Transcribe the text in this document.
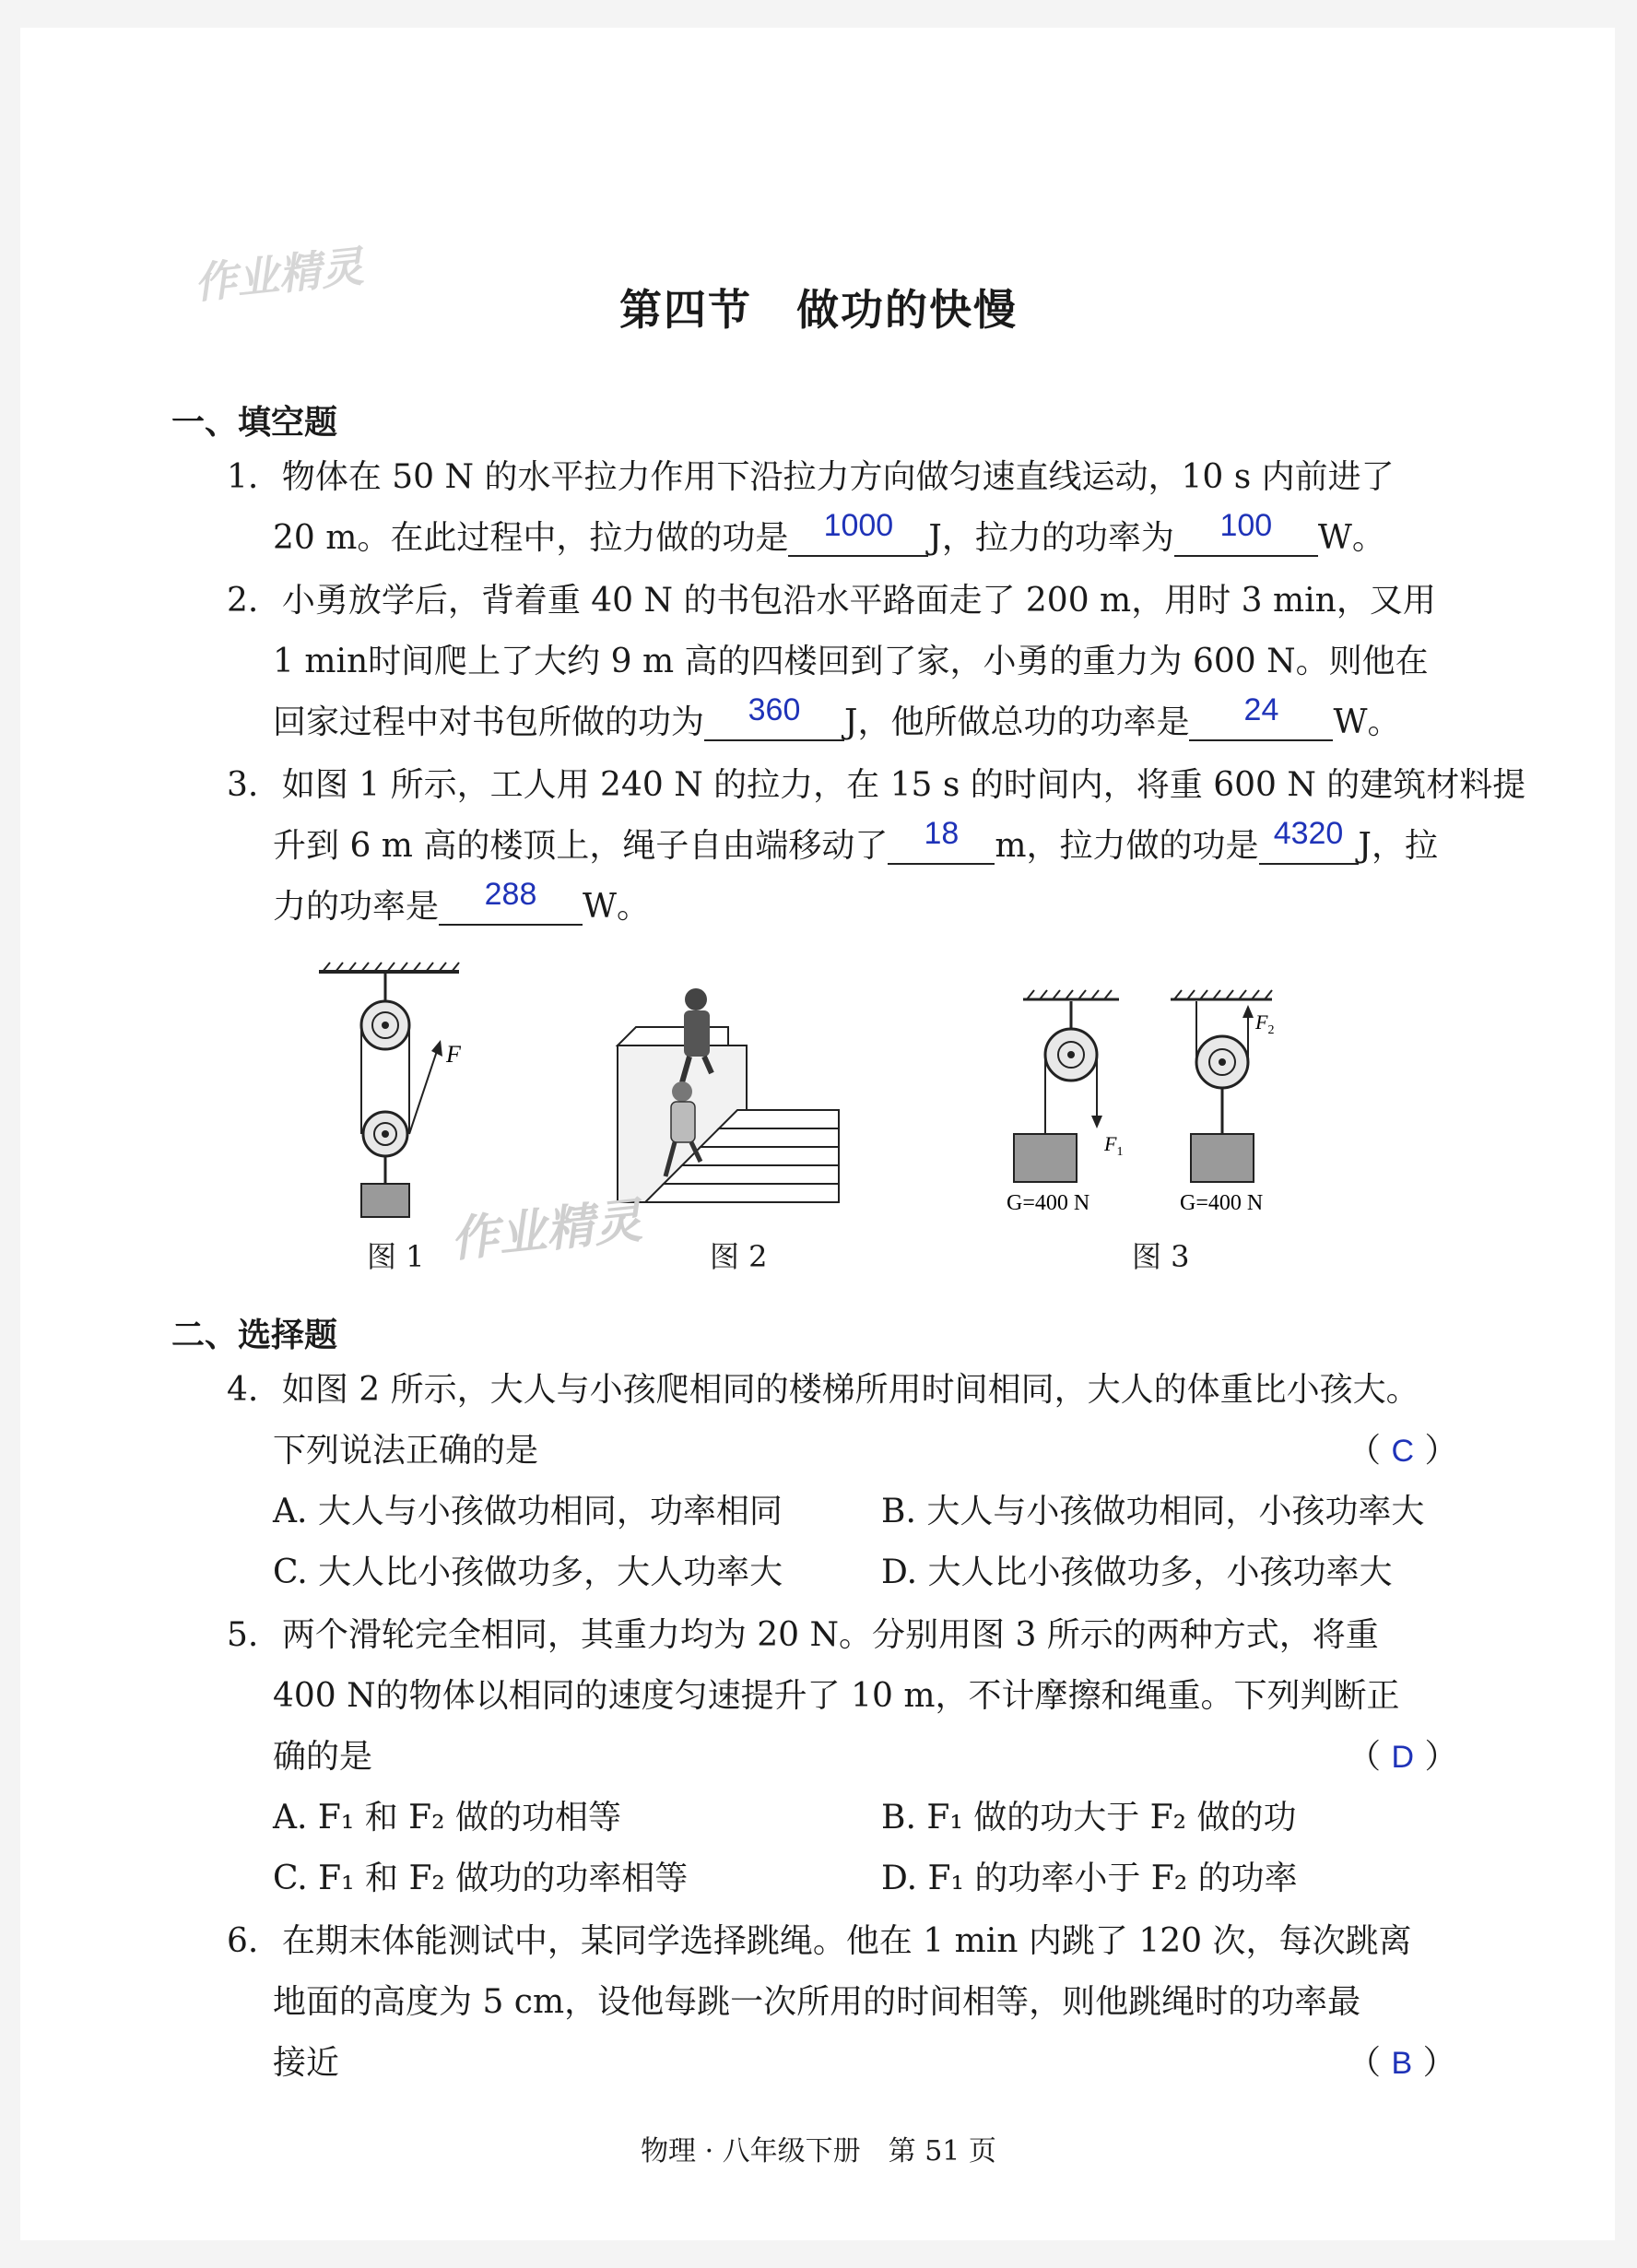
作业精灵
第四节　做功的快慢
一、填空题
1. 物体在 50 N 的水平拉力作用下沿拉力方向做匀速直线运动，10 s 内前进了
20 m。在此过程中，拉力做的功是 1000 J，拉力的功率为 100 W。
2. 小勇放学后，背着重 40 N 的书包沿水平路面走了 200 m，用时 3 min，又用
1 min时间爬上了大约 9 m 高的四楼回到了家，小勇的重力为 600 N。则他在
回家过程中对书包所做的功为 360 J，他所做总功的功率是 24 W。
3. 如图 1 所示，工人用 240 N 的拉力，在 15 s 的时间内，将重 600 N 的建筑材料提
升到 6 m 高的楼顶上，绳子自由端移动了 18 m，拉力做的功是 4320 J，拉
力的功率是 288 W。
F
图 1 作业精灵 图 2
$F_1$
G=400 N
$F_2$
G=400 N
图 3
二、选择题
4. 如图 2 所示，大人与小孩爬相同的楼梯所用时间相同，大人的体重比小孩大。
下列说法正确的是	（ C ）
A. 大人与小孩做功相同，功率相同	B. 大人与小孩做功相同，小孩功率大
C. 大人比小孩做功多，大人功率大	D. 大人比小孩做功多，小孩功率大
5. 两个滑轮完全相同，其重力均为 20 N。分别用图 3 所示的两种方式，将重
400 N的物体以相同的速度匀速提升了 10 m，不计摩擦和绳重。下列判断正
确的是	（ D ）
A. F₁ 和 F₂ 做的功相等	B. F₁ 做的功大于 F₂ 做的功
C. F₁ 和 F₂ 做功的功率相等	D. F₁ 的功率小于 F₂ 的功率
6. 在期末体能测试中，某同学选择跳绳。他在 1 min 内跳了 120 次，每次跳离
地面的高度为 5 cm，设他每跳一次所用的时间相等，则他跳绳时的功率最
接近	（ B ）
物理 · 八年级下册　第 51 页
